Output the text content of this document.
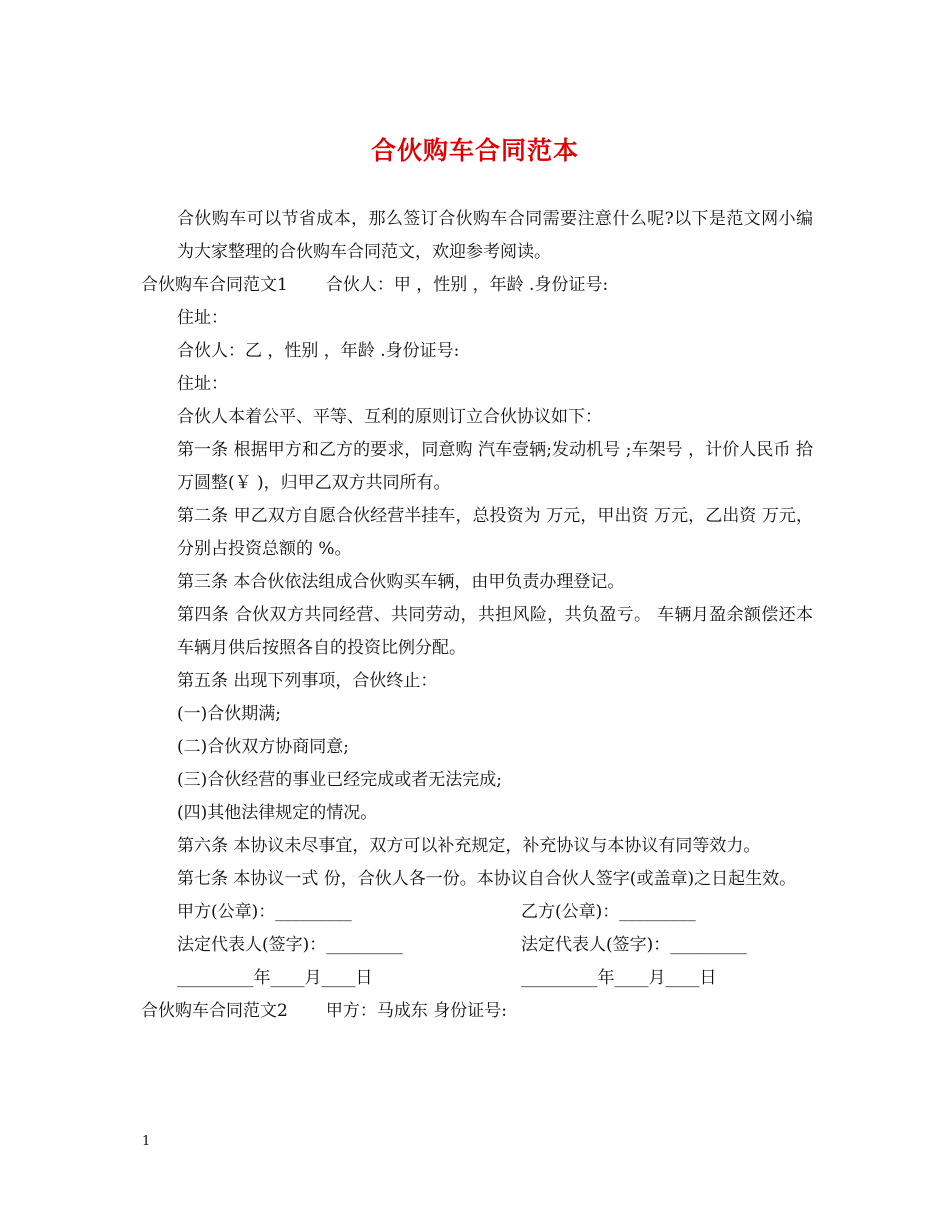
合伙购车合同范本

合伙购车可以节省成本，那么签订合伙购车合同需要注意什么呢?以下是范文网小编为大家整理的合伙购车合同范文，欢迎参考阅读。

合伙购车合同范文1 合伙人：甲 ，性别 ，年龄 .身份证号:

住址：

合伙人：乙 ，性别 ，年龄 .身份证号:

住址：

合伙人本着公平、平等、互利的原则订立合伙协议如下：

第一条 根据甲方和乙方的要求，同意购 汽车壹辆;发动机号 ;车架号 ，计价人民币 拾 万圆整(￥ )，归甲乙双方共同所有。

第二条 甲乙双方自愿合伙经营半挂车，总投资为 万元，甲出资 万元，乙出资 万元，分别占投资总额的 %。

第三条 本合伙依法组成合伙购买车辆，由甲负责办理登记。

第四条 合伙双方共同经营、共同劳动，共担风险，共负盈亏。 车辆月盈余额偿还本车辆月供后按照各自的投资比例分配。

第五条 出现下列事项，合伙终止：

(一)合伙期满;

(二)合伙双方协商同意;

(三)合伙经营的事业已经完成或者无法完成;

(四)其他法律规定的情况。

第六条 本协议未尽事宜，双方可以补充规定，补充协议与本协议有同等效力。

第七条 本协议一式 份，合伙人各一份。本协议自合伙人签字(或盖章)之日起生效。

甲方(公章)：_________	乙方(公章)：_________
法定代表人(签字)：_________	法定代表人(签字)：_________
_________年____月____日	_________年____月____日

合伙购车合同范文2 甲方：马成东 身份证号:

1
